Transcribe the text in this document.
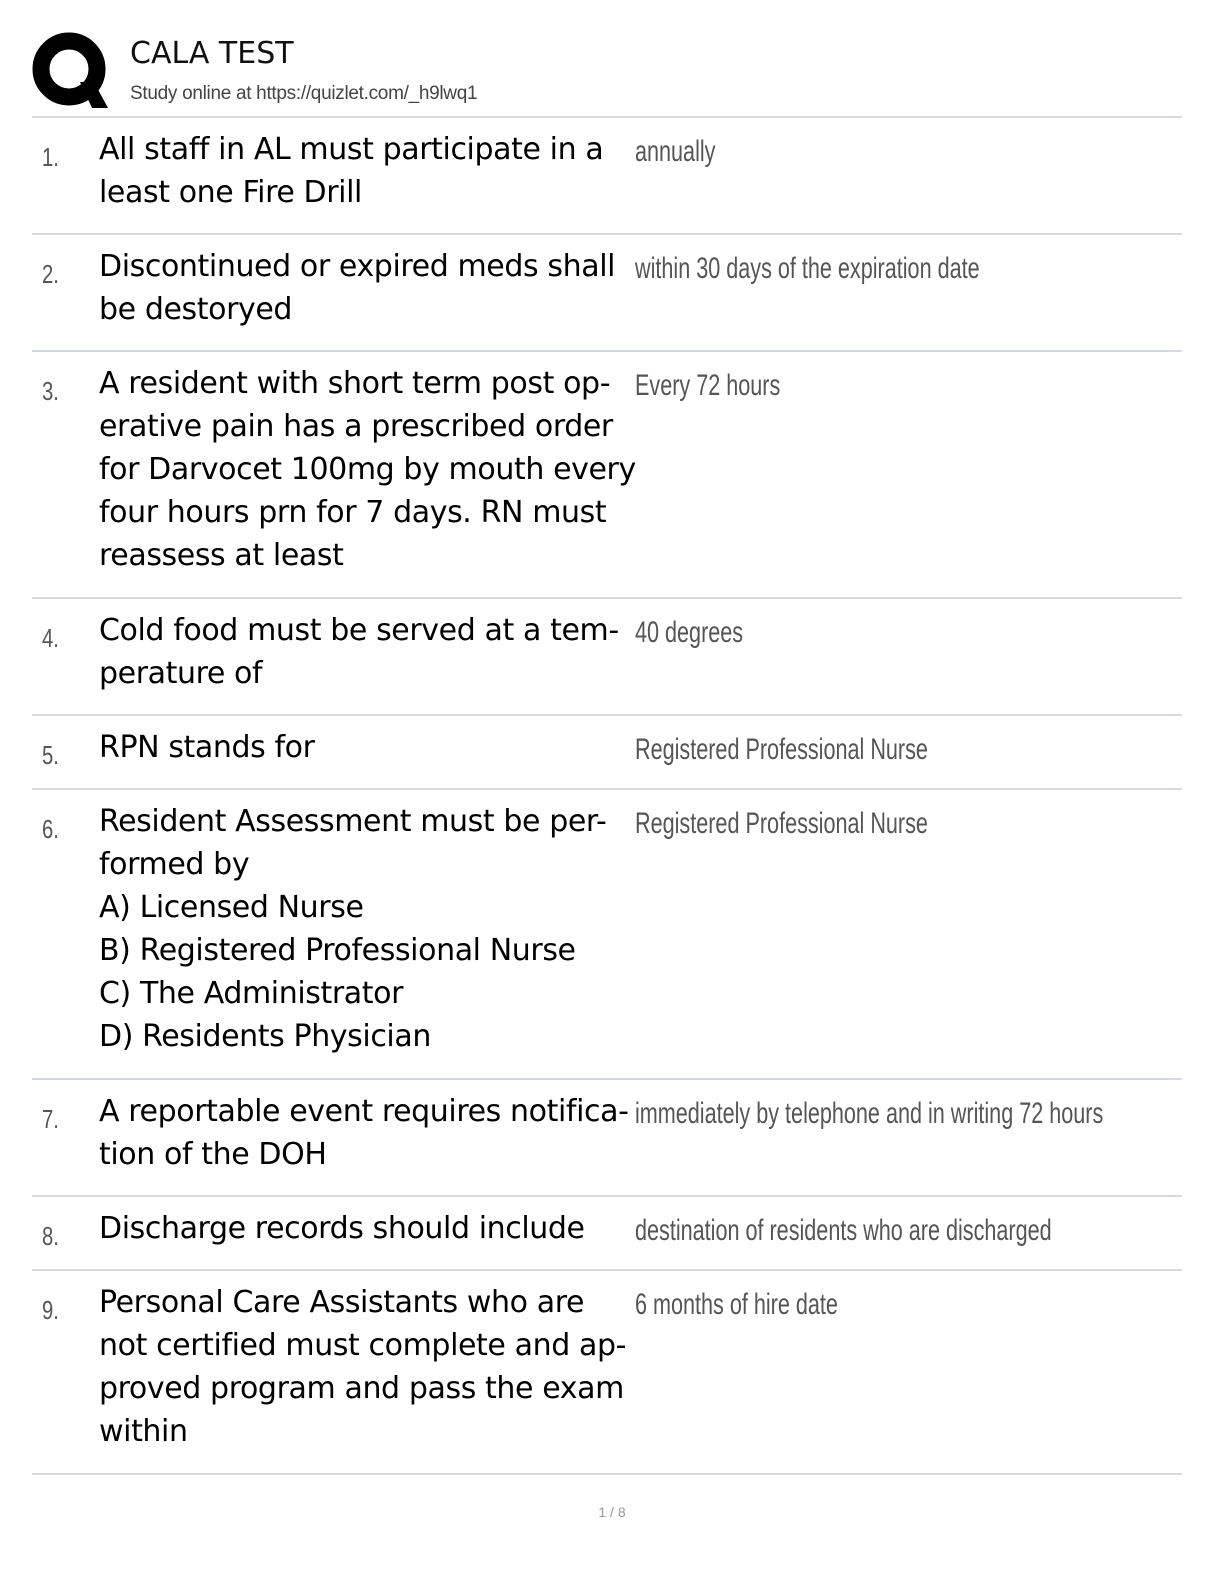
CALA TEST
Study online at https://quizlet.com/_h9lwq1
1. All staff in AL must participate in a
least one Fire Drill
annually
2. Discontinued or expired meds shall
be destoryed
within 30 days of the expiration date
3. A resident with short term post op-
erative pain has a prescribed order
for Darvocet 100mg by mouth every
four hours prn for 7 days. RN must
reassess at least
Every 72 hours
4. Cold food must be served at a tem-
perature of
40 degrees
5. RPN stands for	Registered Professional Nurse
6. Resident Assessment must be per-
formed by
A) Licensed Nurse
B) Registered Professional Nurse
C) The Administrator
D) Residents Physician
Registered Professional Nurse
7. A reportable event requires notifica-
tion of the DOH
immediately by telephone and in writing 72 hours
8. Discharge records should include	destination of residents who are discharged
9. Personal Care Assistants who are
not certified must complete and ap-
proved program and pass the exam
within
6 months of hire date
1 / 8
